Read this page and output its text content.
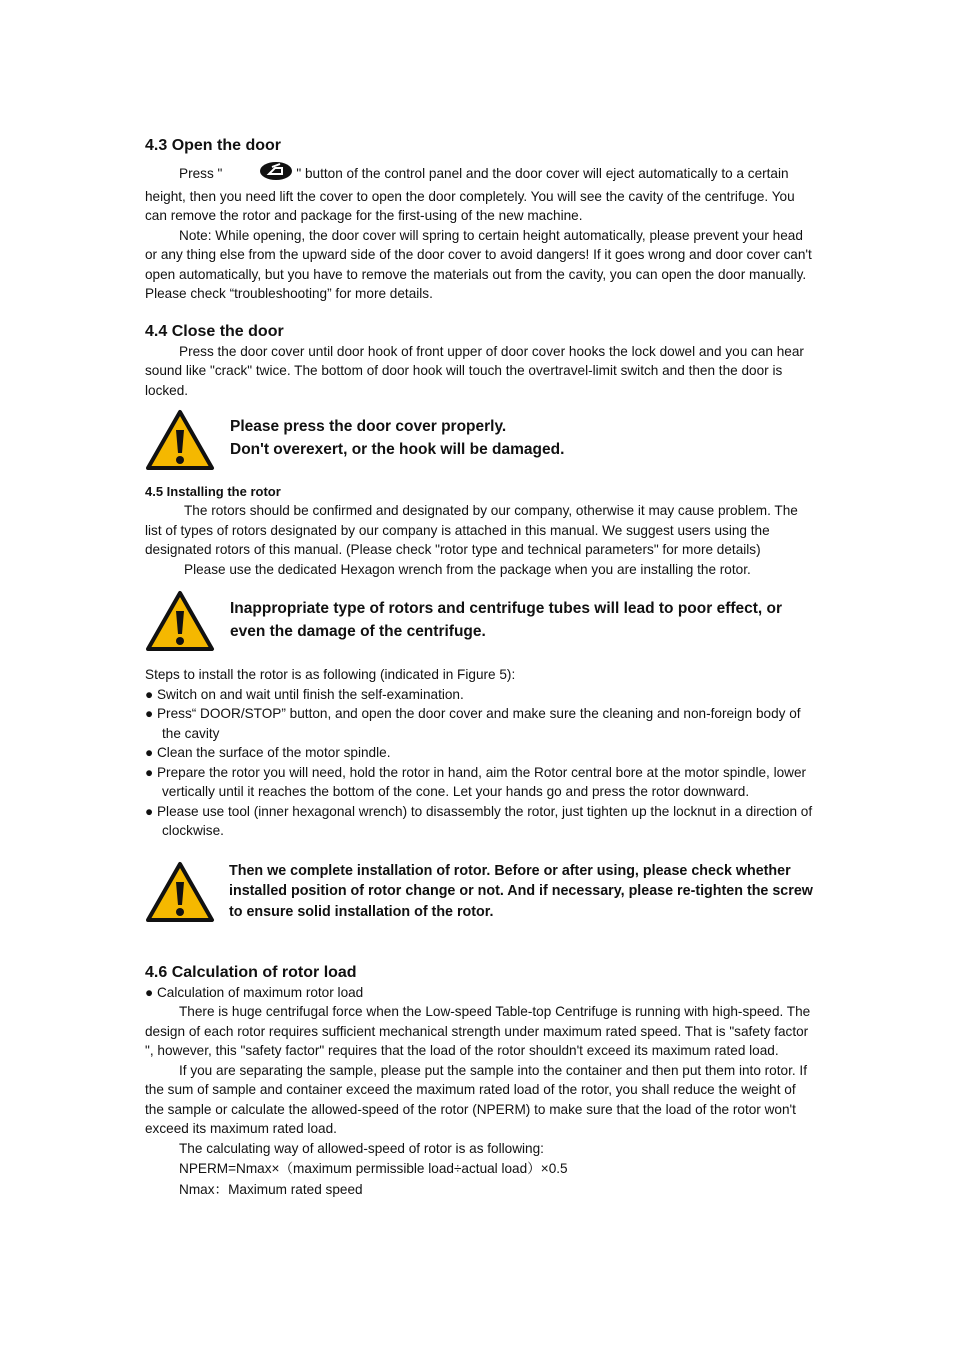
4.3 Open the door

Press "	" button of the control panel and the door cover will eject automatically to a certain height, then you need lift the cover to open the door completely. You will see the cavity of the centrifuge. You can remove the rotor and package for the first-using of the new machine.

Note: While opening, the door cover will spring to certain height automatically, please prevent your head or any thing else from the upward side of the door cover to avoid dangers! If it goes wrong and door cover can't open automatically, but you have to remove the materials out from the cavity, you can open the door manually. Please check “troubleshooting” for more details.

4.4 Close the door

Press the door cover until door hook of front upper of door cover hooks the lock dowel and you can hear sound like "crack" twice. The bottom of door hook will touch the overtravel-limit switch and then the door is locked.

Please press the door cover properly.
Don't overexert, or the hook will be damaged.
4.5 Installing the rotor

The rotors should be confirmed and designated by our company, otherwise it may cause problem. The list of types of rotors designated by our company is attached in this manual. We suggest users using the designated rotors of this manual. (Please check "rotor type and technical parameters" for more details)

Please use the dedicated Hexagon wrench from the package when you are installing the rotor.

Inappropriate type of rotors and centrifuge tubes will lead to poor effect, or even the damage of the centrifuge.

Steps to install the rotor is as following (indicated in Figure 5):

● Switch on and wait until finish the self-examination.

● Press“ DOOR/STOP” button, and open the door cover and make sure the cleaning and non-foreign body of the cavity

● Clean the surface of the motor spindle.

● Prepare the rotor you will need, hold the rotor in hand, aim the Rotor central bore at the motor spindle, lower vertically until it reaches the bottom of the cone. Let your hands go and press the rotor downward.

● Please use tool (inner hexagonal wrench) to disassembly the rotor, just tighten up the locknut in a direction of clockwise.

Then we complete installation of rotor. Before or after using, please check whether installed position of rotor change or not. And if necessary, please re-tighten the screw to ensure solid installation of the rotor.
4.6 Calculation of rotor load

● Calculation of maximum rotor load

There is huge centrifugal force when the Low-speed Table-top Centrifuge is running with high-speed. The design of each rotor requires sufficient mechanical strength under maximum rated speed. That is "safety factor ", however, this "safety factor" requires that the load of the rotor shouldn't exceed its maximum rated load.

If you are separating the sample, please put the sample into the container and then put them into rotor. If the sum of sample and container exceed the maximum rated load of the rotor, you shall reduce the weight of the sample or calculate the allowed-speed of the rotor (NPERM) to make sure that the load of the rotor won't exceed its maximum rated load.

The calculating way of allowed-speed of rotor is as following:

NPERM=Nmax×（maximum permissible load÷actual load）×0.5

Nmax：Maximum rated speed
